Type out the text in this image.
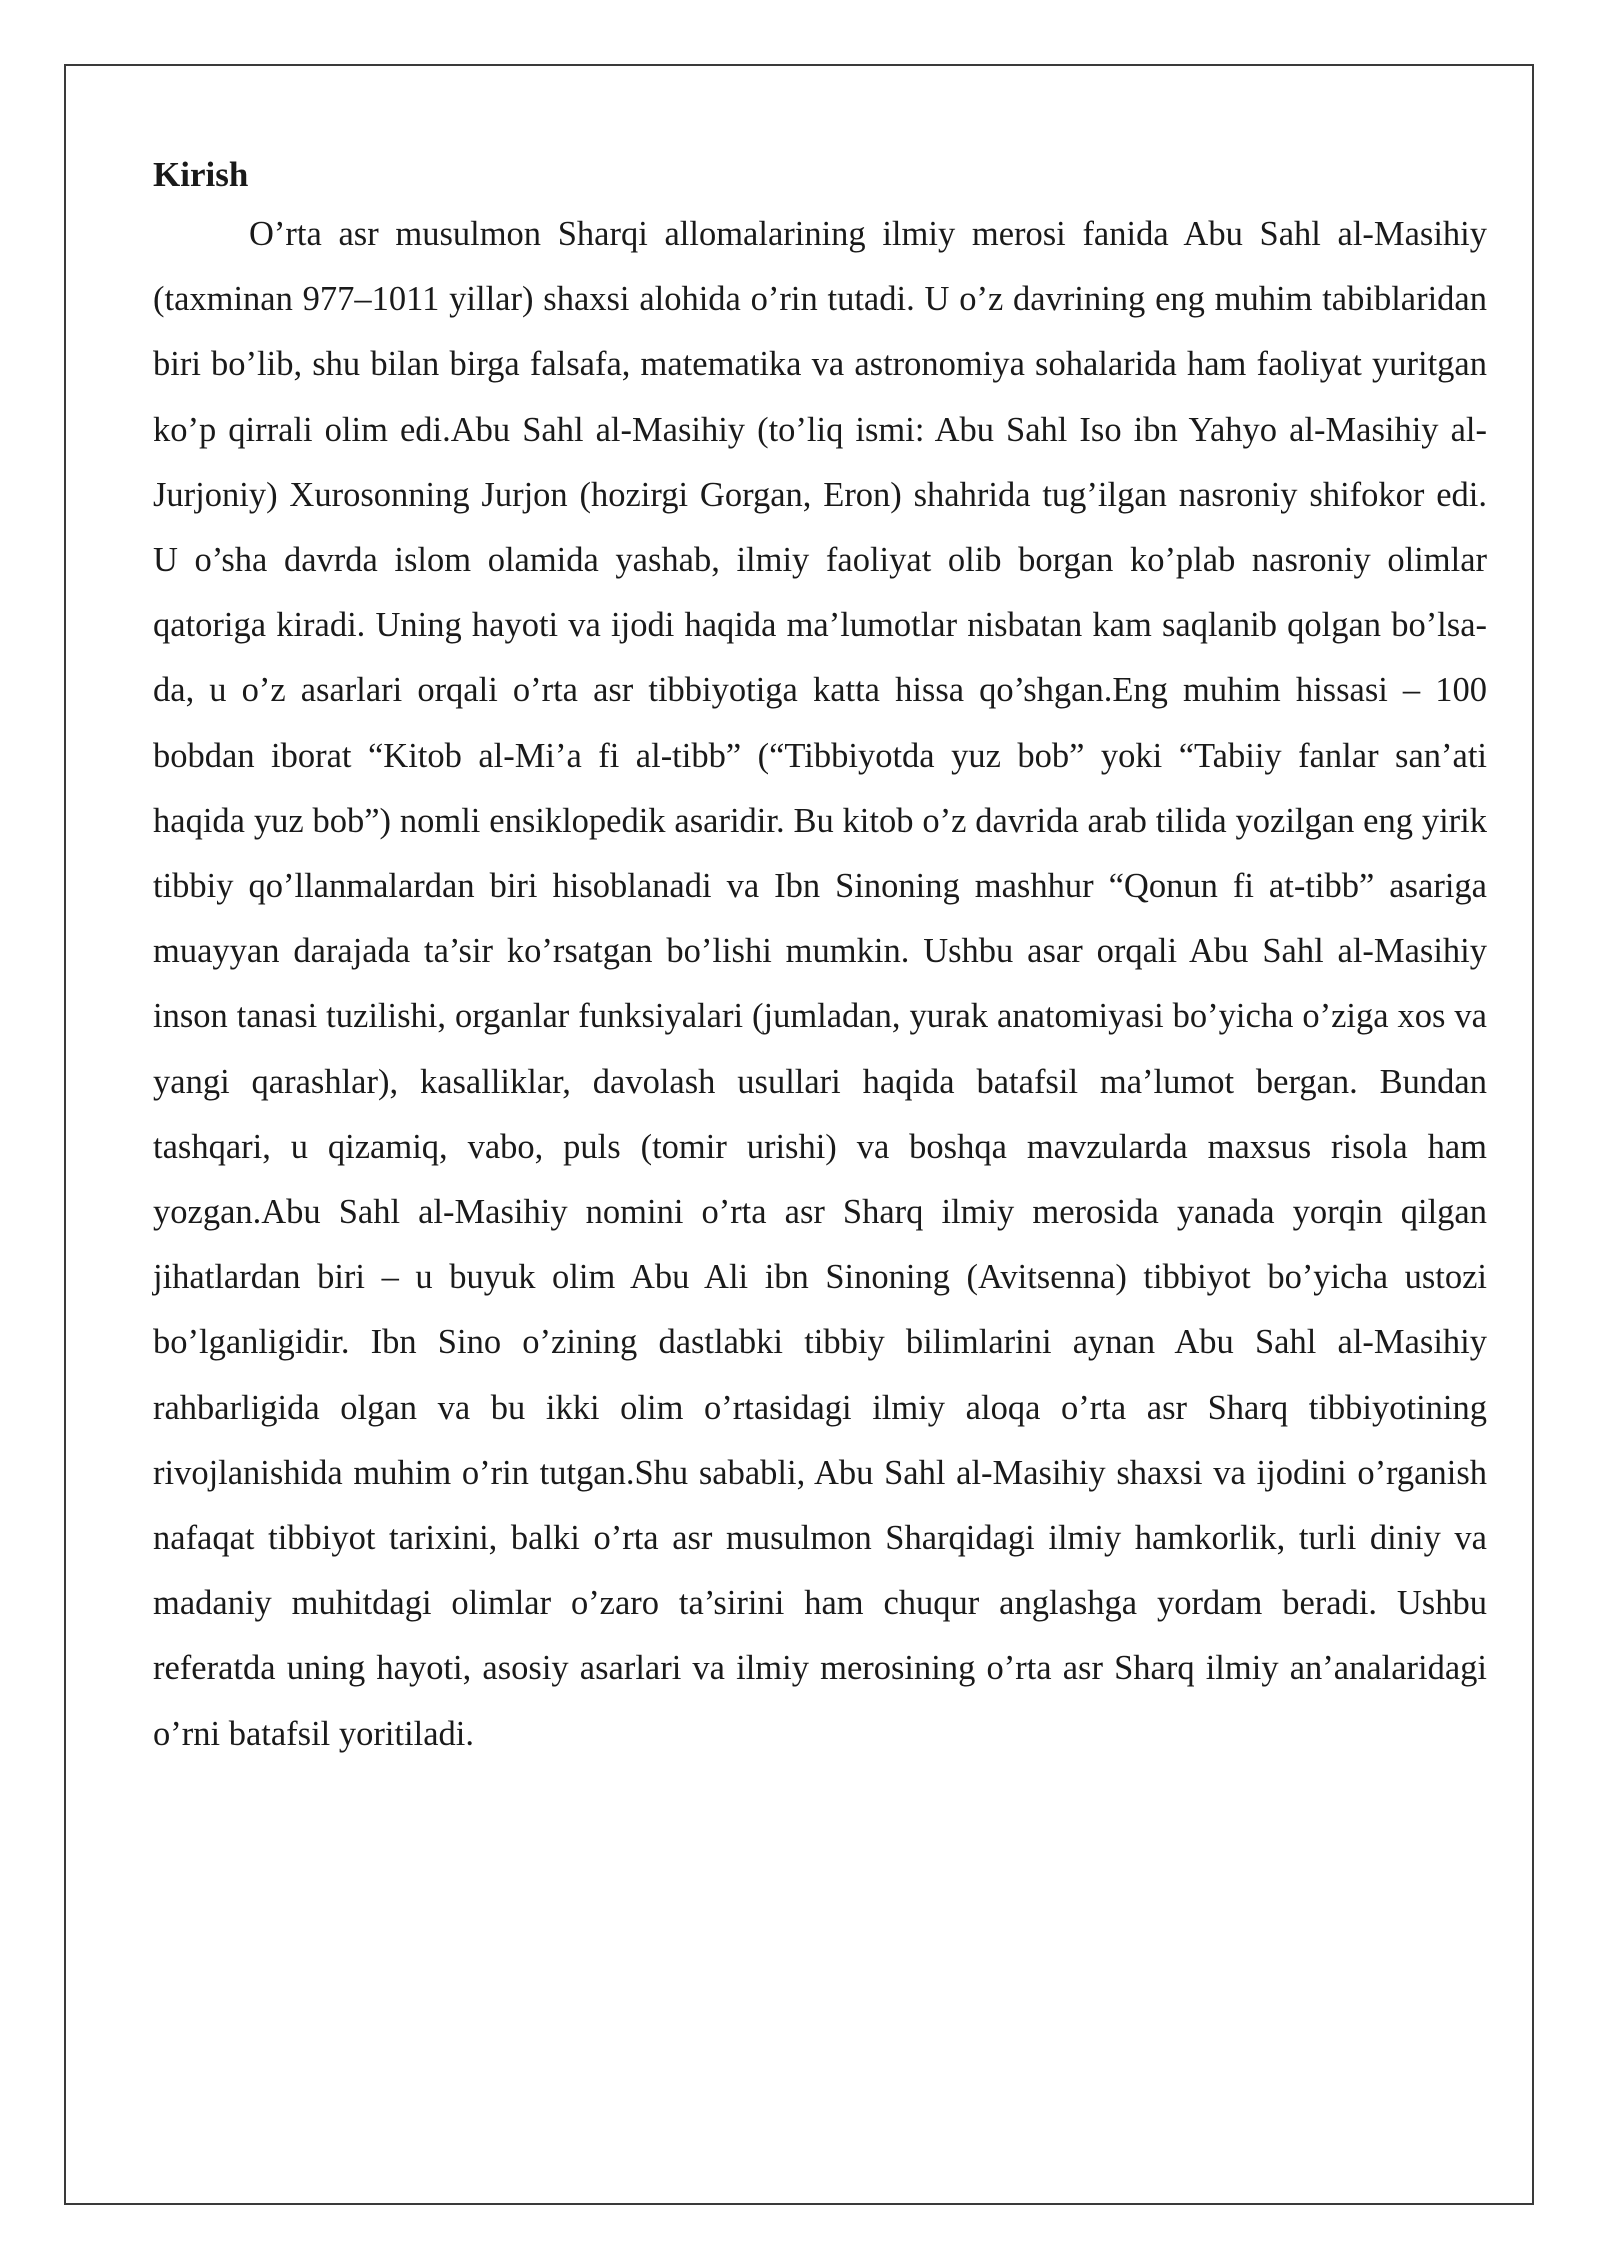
Kirish

O’rta asr musulmon Sharqi allomalarining ilmiy merosi fanida Abu Sahl al-Masihiy (taxminan 977–1011 yillar) shaxsi alohida o’rin tutadi. U o’z davrining eng muhim tabiblaridan biri bo’lib, shu bilan birga falsafa, matematika va astronomiya sohalarida ham faoliyat yuritgan ko’p qirrali olim edi.Abu Sahl al-Masihiy (to’liq ismi: Abu Sahl Iso ibn Yahyo al-Masihiy al-Jurjoniy) Xurosonning Jurjon (hozirgi Gorgan, Eron) shahrida tug’ilgan nasroniy shifokor edi. U o’sha davrda islom olamida yashab, ilmiy faoliyat olib borgan ko’plab nasroniy olimlar qatoriga kiradi. Uning hayoti va ijodi haqida ma’lumotlar nisbatan kam saqlanib qolgan bo’lsa-da, u o’z asarlari orqali o’rta asr tibbiyotiga katta hissa qo’shgan.Eng muhim hissasi – 100 bobdan iborat “Kitob al-Mi’a fi al-tibb” (“Tibbiyotda yuz bob” yoki “Tabiiy fanlar san’ati haqida yuz bob”) nomli ensiklopedik asaridir. Bu kitob o’z davrida arab tilida yozilgan eng yirik tibbiy qo’llanmalardan biri hisoblanadi va Ibn Sinoning mashhur “Qonun fi at-tibb” asariga muayyan darajada ta’sir ko’rsatgan bo’lishi mumkin. Ushbu asar orqali Abu Sahl al-Masihiy inson tanasi tuzilishi, organlar funksiyalari (jumladan, yurak anatomiyasi bo’yicha o’ziga xos va yangi qarashlar), kasalliklar, davolash usullari haqida batafsil ma’lumot bergan. Bundan tashqari, u qizamiq, vabo, puls (tomir urishi) va boshqa mavzularda maxsus risola ham yozgan.Abu Sahl al-Masihiy nomini o’rta asr Sharq ilmiy merosida yanada yorqin qilgan jihatlardan biri – u buyuk olim Abu Ali ibn Sinoning (Avitsenna) tibbiyot bo’yicha ustozi bo’lganligidir. Ibn Sino o’zining dastlabki tibbiy bilimlarini aynan Abu Sahl al-Masihiy rahbarligida olgan va bu ikki olim o’rtasidagi ilmiy aloqa o’rta asr Sharq tibbiyotining rivojlanishida muhim o’rin tutgan.Shu sababli, Abu Sahl al-Masihiy shaxsi va ijodini o’rganish nafaqat tibbiyot tarixini, balki o’rta asr musulmon Sharqidagi ilmiy hamkorlik, turli diniy va madaniy muhitdagi olimlar o’zaro ta’sirini ham chuqur anglashga yordam beradi. Ushbu referatda uning hayoti, asosiy asarlari va ilmiy merosining o’rta asr Sharq ilmiy an’analaridagi o’rni batafsil yoritiladi.
